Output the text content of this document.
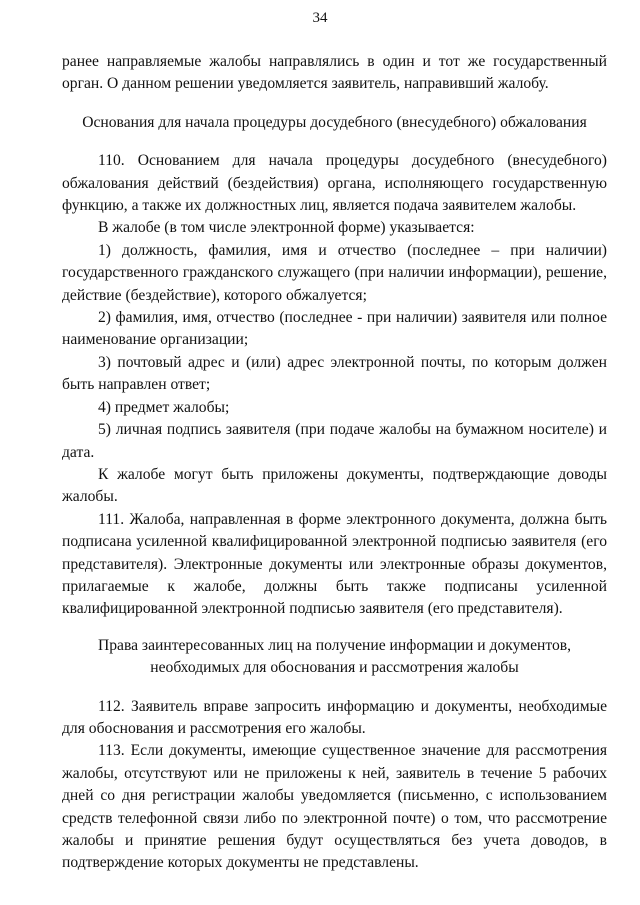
34

ранее направляемые жалобы направлялись в один и тот же государственный орган. О данном решении уведомляется заявитель, направивший жалобу.

Основания для начала процедуры досудебного (внесудебного) обжалования

110. Основанием для начала процедуры досудебного (внесудебного) обжалования действий (бездействия) органа, исполняющего государственную функцию, а также их должностных лиц, является подача заявителем жалобы.

В жалобе (в том числе электронной форме) указывается:

1) должность, фамилия, имя и отчество (последнее – при наличии) государственного гражданского служащего (при наличии информации), решение, действие (бездействие), которого обжалуется;

2) фамилия, имя, отчество (последнее - при наличии) заявителя или полное наименование организации;

3) почтовый адрес и (или) адрес электронной почты, по которым должен быть направлен ответ;

4) предмет жалобы;

5) личная подпись заявителя (при подаче жалобы на бумажном носителе) и дата.

К жалобе могут быть приложены документы, подтверждающие доводы жалобы.

111. Жалоба, направленная в форме электронного документа, должна быть подписана усиленной квалифицированной электронной подписью заявителя (его представителя). Электронные документы или электронные образы документов, прилагаемые к жалобе, должны быть также подписаны усиленной квалифицированной электронной подписью заявителя (его представителя).

Права заинтересованных лиц на получение информации и документов, необходимых для обоснования и рассмотрения жалобы

112. Заявитель вправе запросить информацию и документы, необходимые для обоснования и рассмотрения его жалобы.

113. Если документы, имеющие существенное значение для рассмотрения жалобы, отсутствуют или не приложены к ней, заявитель в течение 5 рабочих дней со дня регистрации жалобы уведомляется (письменно, с использованием средств телефонной связи либо по электронной почте) о том, что рассмотрение жалобы и принятие решения будут осуществляться без учета доводов, в подтверждение которых документы не представлены.
